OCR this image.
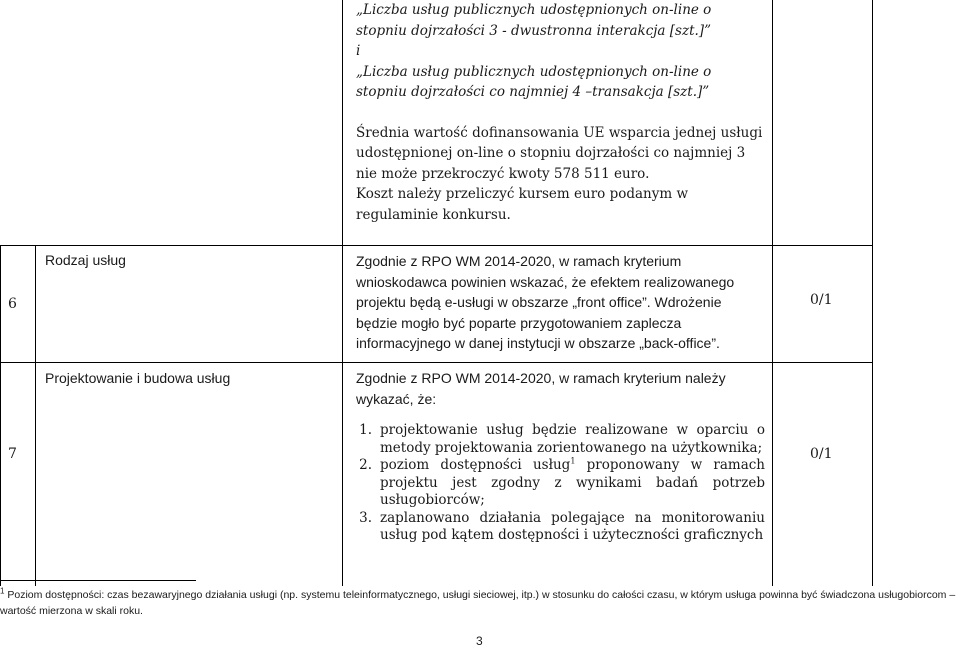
„Liczba usług publicznych udostępnionych on-line o stopniu dojrzałości 3 - dwustronna interakcja [szt.]”

i

„Liczba usług publicznych udostępnionych on-line o stopniu dojrzałości co najmniej 4 –transakcja [szt.]”

Średnia wartość dofinansowania UE wsparcia jednej usługi udostępnionej on-line o stopniu dojrzałości co najmniej 3 nie może przekroczyć kwoty 578 511 euro.

Koszt należy przeliczyć kursem euro podanym w regulaminie konkursu.

6
Rodzaj usług	Zgodnie z RPO WM 2014-2020, w ramach kryterium wnioskodawca powinien wskazać, że efektem realizowanego projektu będą e-usługi w obszarze „front office”. Wdrożenie będzie mogło być poparte przygotowaniem zaplecza informacyjnego w danej instytucji w obszarze „back-office”.
0/1
7
Projektowanie i budowa usług	Zgodnie z RPO WM 2014-2020, w ramach kryterium należy wykazać, że:
1. projektowanie usług będzie realizowane w oparciu o metody projektowania zorientowanego na użytkownika;
2. poziom dostępności usług$^1$ proponowany w ramach projektu jest zgodny z wynikami badań potrzeb usługobiorców;
3. zaplanowano działania polegające na monitorowaniu usług pod kątem dostępności i użyteczności graficznych
0/1
$^1$ Poziom dostępności: czas bezawaryjnego działania usługi (np. systemu teleinformatycznego, usługi sieciowej, itp.) w stosunku do całości czasu, w którym usługa powinna być świadczona usługobiorcom – wartość mierzona w skali roku.
3
